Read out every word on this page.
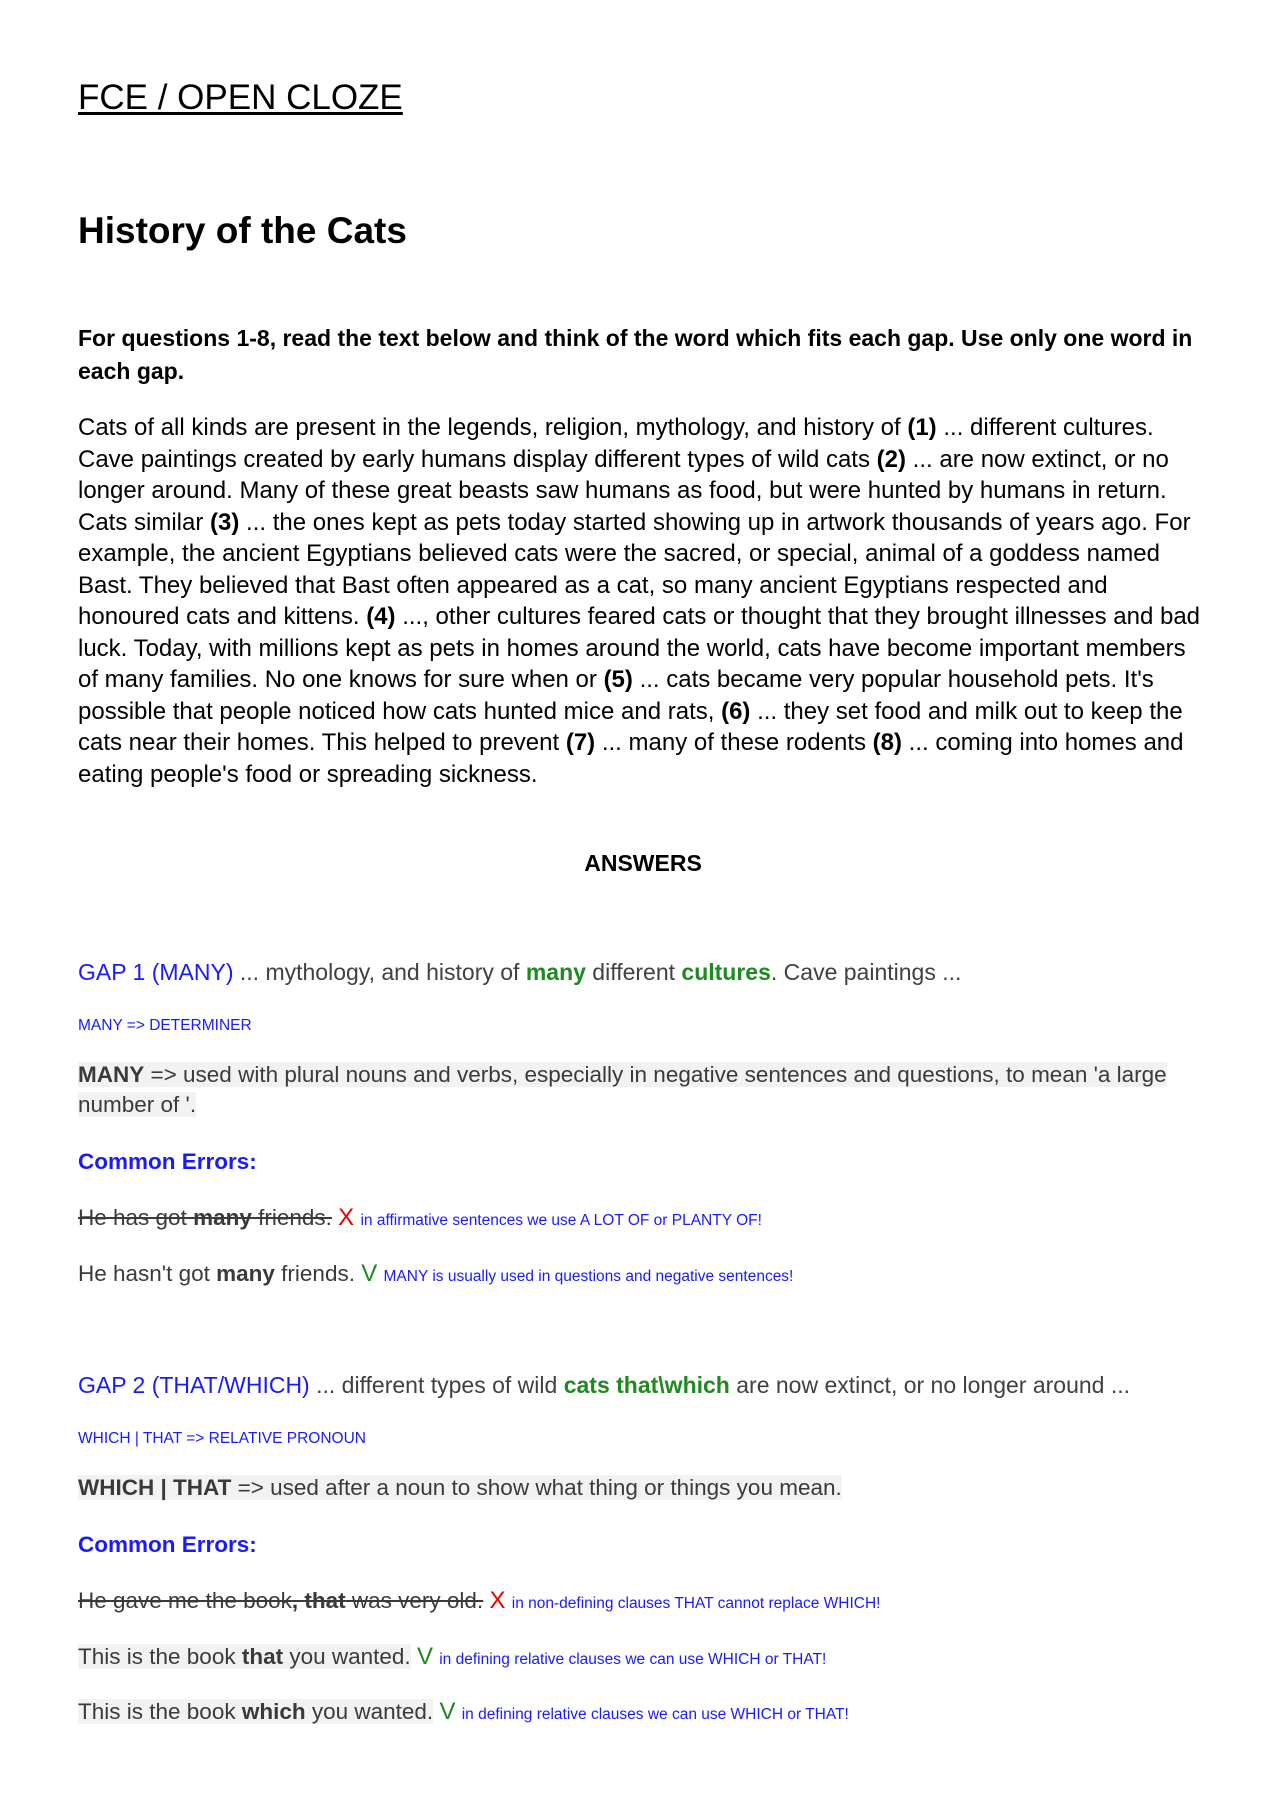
FCE / OPEN CLOZE
History of the Cats
For questions 1-8, read the text below and think of the word which fits each gap. Use only one word in each gap.
Cats of all kinds are present in the legends, religion, mythology, and history of (1) ... different cultures. Cave paintings created by early humans display different types of wild cats (2) ... are now extinct, or no longer around. Many of these great beasts saw humans as food, but were hunted by humans in return. Cats similar (3) ... the ones kept as pets today started showing up in artwork thousands of years ago. For example, the ancient Egyptians believed cats were the sacred, or special, animal of a goddess named Bast. They believed that Bast often appeared as a cat, so many ancient Egyptians respected and honoured cats and kittens. (4) ..., other cultures feared cats or thought that they brought illnesses and bad luck. Today, with millions kept as pets in homes around the world, cats have become important members of many families. No one knows for sure when or (5) ... cats became very popular household pets. It's possible that people noticed how cats hunted mice and rats, (6) ... they set food and milk out to keep the cats near their homes. This helped to prevent (7) ... many of these rodents (8) ... coming into homes and eating people's food or spreading sickness.
ANSWERS
GAP 1 (MANY) ... mythology, and history of many different cultures. Cave paintings ...
MANY => DETERMINER
MANY => used with plural nouns and verbs, especially in negative sentences and questions, to mean 'a large number of '.
Common Errors:
He has got many friends. X in affirmative sentences we use A LOT OF or PLANTY OF!
He hasn't got many friends. V MANY is usually used in questions and negative sentences!
GAP 2 (THAT/WHICH) ... different types of wild cats that\which are now extinct, or no longer around ...
WHICH | THAT => RELATIVE PRONOUN
WHICH | THAT => used after a noun to show what thing or things you mean.
Common Errors:
He gave me the book, that was very old. X in non-defining clauses THAT cannot replace WHICH!
This is the book that you wanted. V in defining relative clauses we can use WHICH or THAT!
This is the book which you wanted. V in defining relative clauses we can use WHICH or THAT!
